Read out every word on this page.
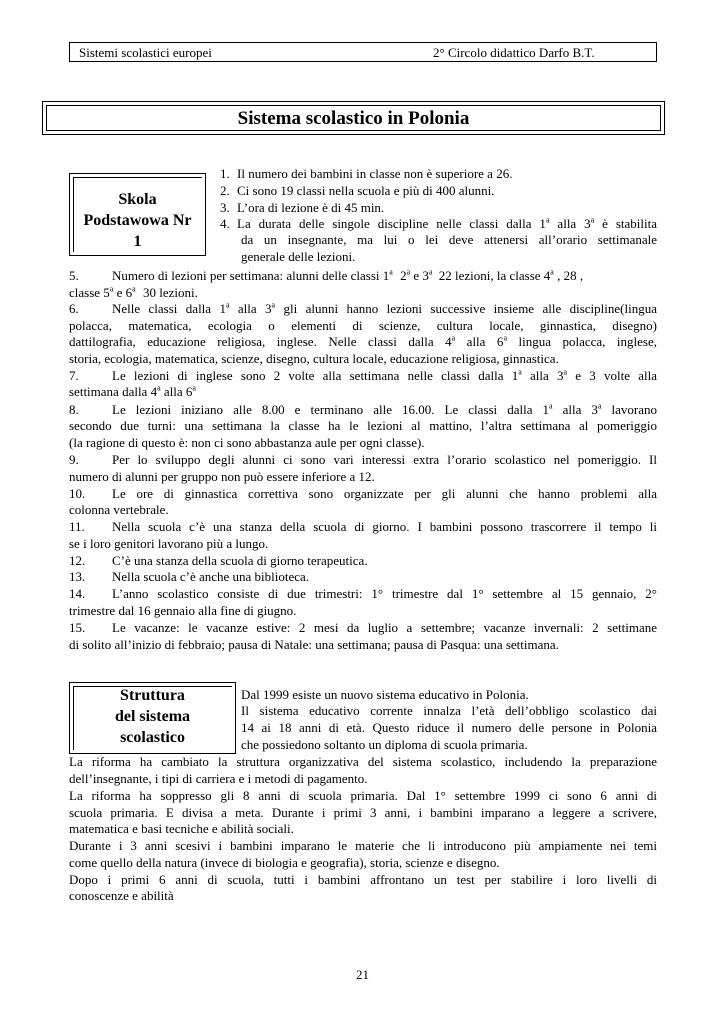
Sistemi scolastici europei	2° Circolo didattico Darfo B.T.
Sistema scolastico in Polonia
Skola
Podstawowa Nr
1
1. Il numero dei bambini in classe non è superiore a 26.
2. Ci sono 19 classi nella scuola e più di 400 alunni.
3. L’ora di lezione è di 45 min.
4. La durata delle singole discipline nelle classi dalla 1$^a$ alla 3$^a$ è stabilita
da un insegnante, ma lui o lei deve attenersi all’orario settimanale
generale delle lezioni.
5.	Numero di lezioni per settimana: alunni delle classi 1$^a$ 2$^a$ e 3$^a$ 22 lezioni, la classe 4$^a$ , 28 ,
classe 5$^a$ e 6$^a$ 30 lezioni.
6.	Nelle classi dalla 1$^a$ alla 3$^a$ gli alunni hanno lezioni successive insieme alle discipline(lingua
polacca, matematica, ecologia o elementi di scienze, cultura locale, ginnastica, disegno)
dattilografia, educazione religiosa, inglese. Nelle classi dalla 4$^a$ alla 6$^a$ lingua polacca, inglese,
storia, ecologia, matematica, scienze, disegno, cultura locale, educazione religiosa, ginnastica.
7.	Le lezioni di inglese sono 2 volte alla settimana nelle classi dalla 1$^a$ alla 3$^a$ e 3 volte alla
settimana dalla 4$^a$ alla 6$^a$
8.	Le lezioni iniziano alle 8.00 e terminano alle 16.00. Le classi dalla 1$^a$ alla 3$^a$ lavorano
secondo due turni: una settimana la classe ha le lezioni al mattino, l’altra settimana al pomeriggio
(la ragione di questo è: non ci sono abbastanza aule per ogni classe).
9.	Per lo sviluppo degli alunni ci sono vari interessi extra l’orario scolastico nel pomeriggio. Il
numero di alunni per gruppo non può essere inferiore a 12.
10. Le ore di ginnastica correttiva sono organizzate per gli alunni che hanno problemi alla
colonna vertebrale.
11. Nella scuola c’è una stanza della scuola di giorno. I bambini possono trascorrere il tempo li
se i loro genitori lavorano più a lungo.
12. C’è una stanza della scuola di giorno terapeutica.
13. Nella scuola c’è anche una biblioteca.
14. L’anno scolastico consiste di due trimestri: 1° trimestre dal 1° settembre al 15 gennaio, 2°
trimestre dal 16 gennaio alla fine di giugno.
15. Le vacanze: le vacanze estive: 2 mesi da luglio a settembre; vacanze invernali: 2 settimane
di solito all’inizio di febbraio; pausa di Natale: una settimana; pausa di Pasqua: una settimana.
Struttura
del sistema
scolastico
Dal 1999 esiste un nuovo sistema educativo in Polonia.
Il sistema educativo corrente innalza l’età dell’obbligo scolastico dai
14 ai 18 anni di età. Questo riduce il numero delle persone in Polonia
che possiedono soltanto un diploma di scuola primaria.
La riforma ha cambiato la struttura organizzativa del sistema scolastico, includendo la preparazione
dell’insegnante, i tipi di carriera e i metodi di pagamento.
La riforma ha soppresso gli 8 anni di scuola primaria. Dal 1° settembre 1999 ci sono 6 anni di
scuola primaria. E divisa a meta. Durante i primi 3 anni, i bambini imparano a leggere a scrivere,
matematica e basi tecniche e abilità sociali.
Durante i 3 anni scesivi i bambini imparano le materie che li introducono più ampiamente nei temi
come quello della natura (invece di biologia e geografia), storia, scienze e disegno.
Dopo i primi 6 anni di scuola, tutti i bambini affrontano un test per stabilire i loro livelli di
conoscenze e abilità
21
